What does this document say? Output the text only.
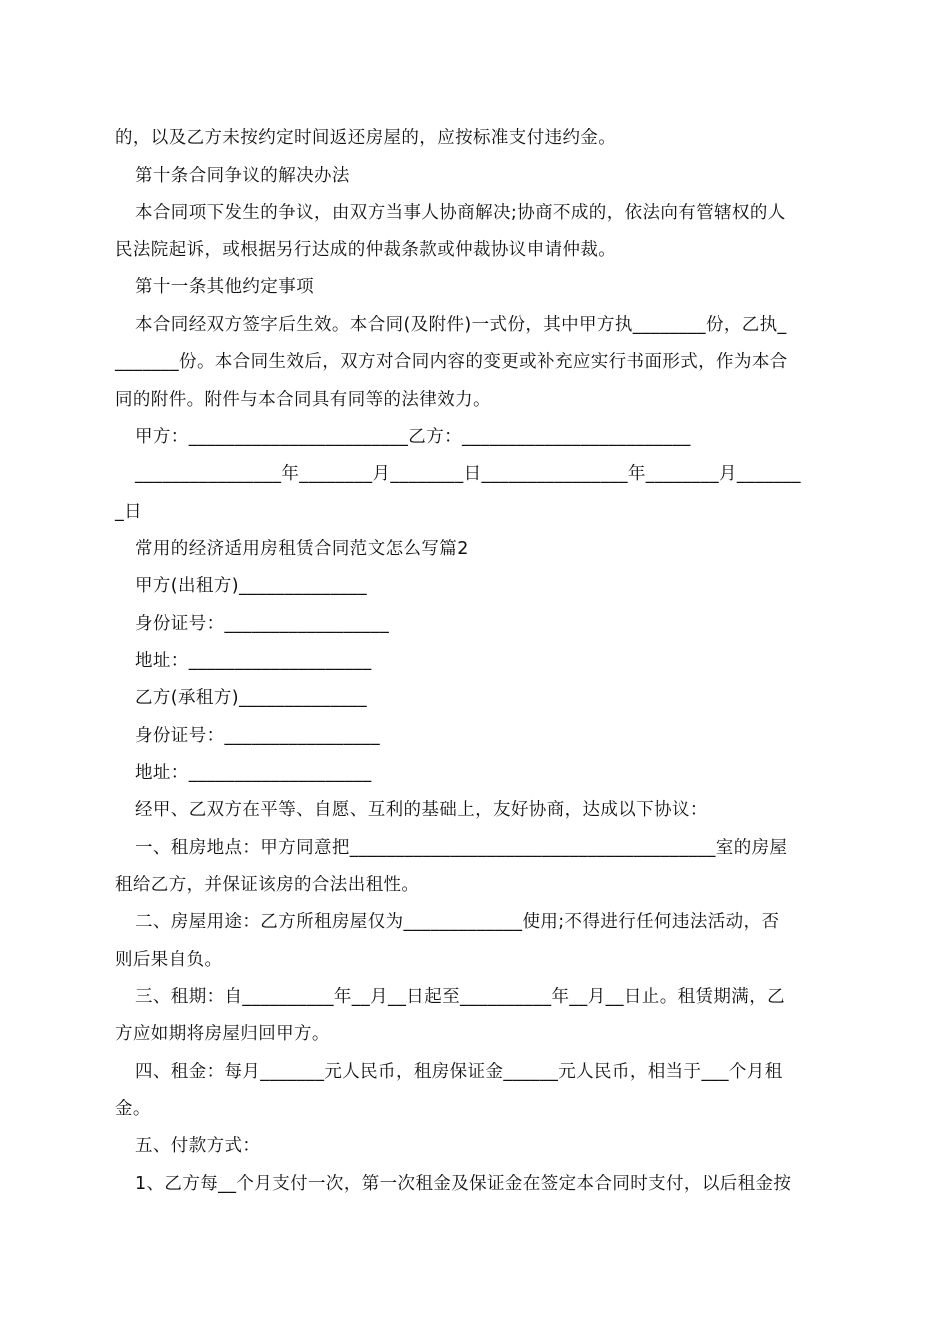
的，以及乙方未按约定时间返还房屋的，应按标准支付违约金。
第十条合同争议的解决办法
本合同项下发生的争议，由双方当事人协商解决;协商不成的，依法向有管辖权的人
民法院起诉，或根据另行达成的仲裁条款或仲裁协议申请仲裁。
第十一条其他约定事项
本合同经双方签字后生效。本合同(及附件)一式份，其中甲方执________份，乙执_
_______份。本合同生效后，双方对合同内容的变更或补充应实行书面形式，作为本合
同的附件。附件与本合同具有同等的法律效力。
甲方：________________________乙方：_________________________
________________年________月________日________________年________月_______
_日
常用的经济适用房租赁合同范文怎么写篇2
甲方(出租方)______________
身份证号：__________________
地址：____________________
乙方(承租方)______________
身份证号：_________________
地址：____________________
经甲、乙双方在平等、自愿、互利的基础上，友好协商，达成以下协议：
一、租房地点：甲方同意把________________________________________室的房屋
租给乙方，并保证该房的合法出租性。
二、房屋用途：乙方所租房屋仅为_____________使用;不得进行任何违法活动，否
则后果自负。
三、租期：自__________年__月__日起至__________年__月__日止。租赁期满，乙
方应如期将房屋归回甲方。
四、租金：每月_______元人民币，租房保证金______元人民币，相当于___个月租
金。
五、付款方式：
1、乙方每__个月支付一次，第一次租金及保证金在签定本合同时支付，以后租金按
